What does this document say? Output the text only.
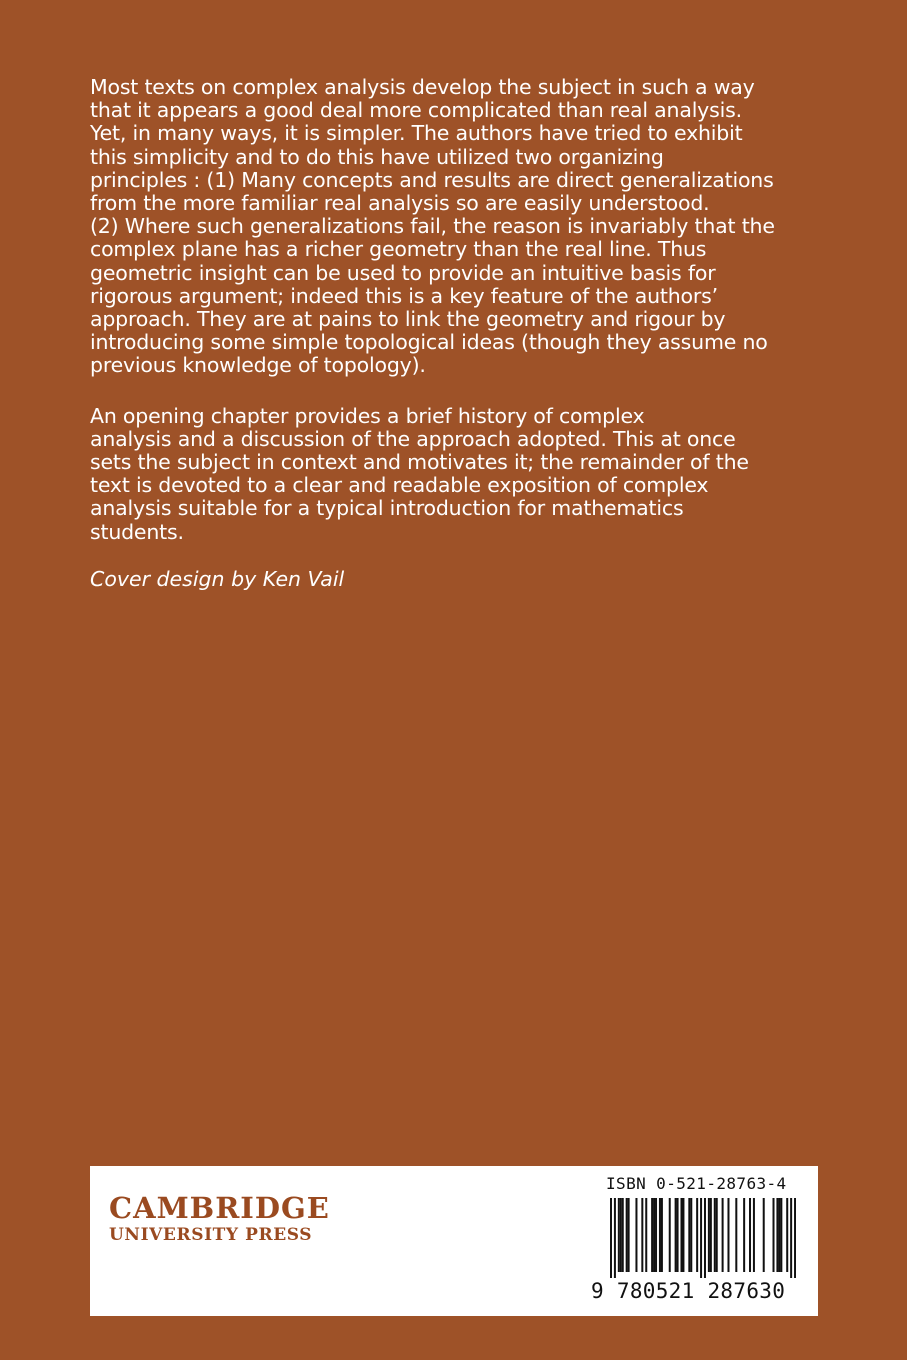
Most texts on complex analysis develop the subject in such a way
that it appears a good deal more complicated than real analysis.
Yet, in many ways, it is simpler. The authors have tried to exhibit
this simplicity and to do this have utilized two organizing
principles : (1) Many concepts and results are direct generalizations
from the more familiar real analysis so are easily understood.
(2) Where such generalizations fail, the reason is invariably that the
complex plane has a richer geometry than the real line. Thus
geometric insight can be used to provide an intuitive basis for
rigorous argument; indeed this is a key feature of the authors’
approach. They are at pains to link the geometry and rigour by
introducing some simple topological ideas (though they assume no
previous knowledge of topology).

An opening chapter provides a brief history of complex
analysis and a discussion of the approach adopted. This at once
sets the subject in context and motivates it; the remainder of the
text is devoted to a clear and readable exposition of complex
analysis suitable for a typical introduction for mathematics
students.

Cover design by Ken Vail

CAMBRIDGE
UNIVERSITY PRESS
ISBN 0-521-28763-4
9 780521 287630
